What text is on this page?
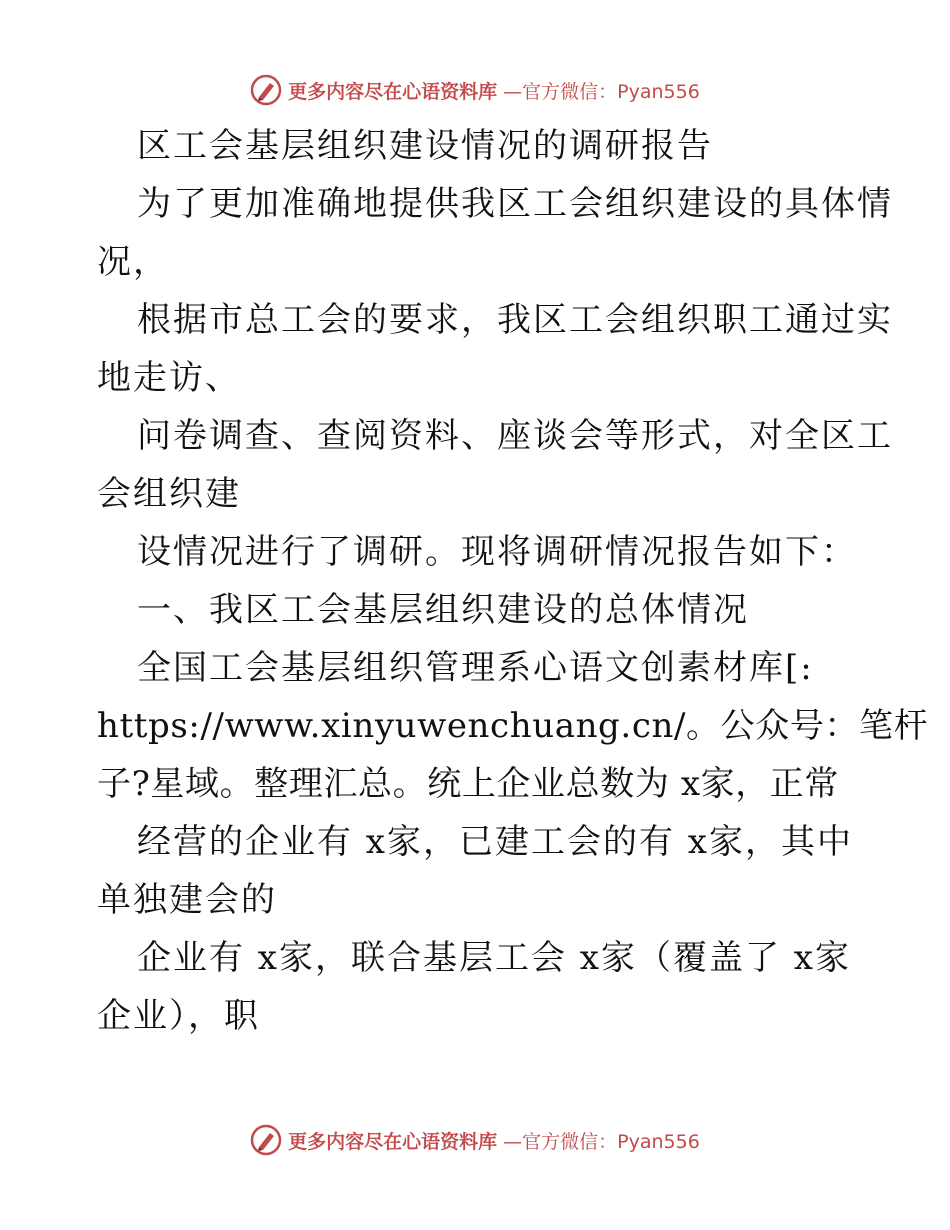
更多内容尽在心语资料库 —官方微信：Pyan556
区工会基层组织建设情况的调研报告
为了更加准确地提供我区工会组织建设的具体情
况，
根据市总工会的要求，我区工会组织职工通过实
地走访、
问卷调查、查阅资料、座谈会等形式，对全区工
会组织建
设情况进行了调研。现将调研情况报告如下：
一、我区工会基层组织建设的总体情况
全国工会基层组织管理系心语文创素材库[:
https://www.xinyuwenchuang.cn/。公众号：笔杆
子?星域。整理汇总。统上企业总数为 x家，正常
经营的企业有 x家，已建工会的有 x家，其中
单独建会的
企业有 x家，联合基层工会 x家（覆盖了 x家
企业），职
更多内容尽在心语资料库 —官方微信：Pyan556
